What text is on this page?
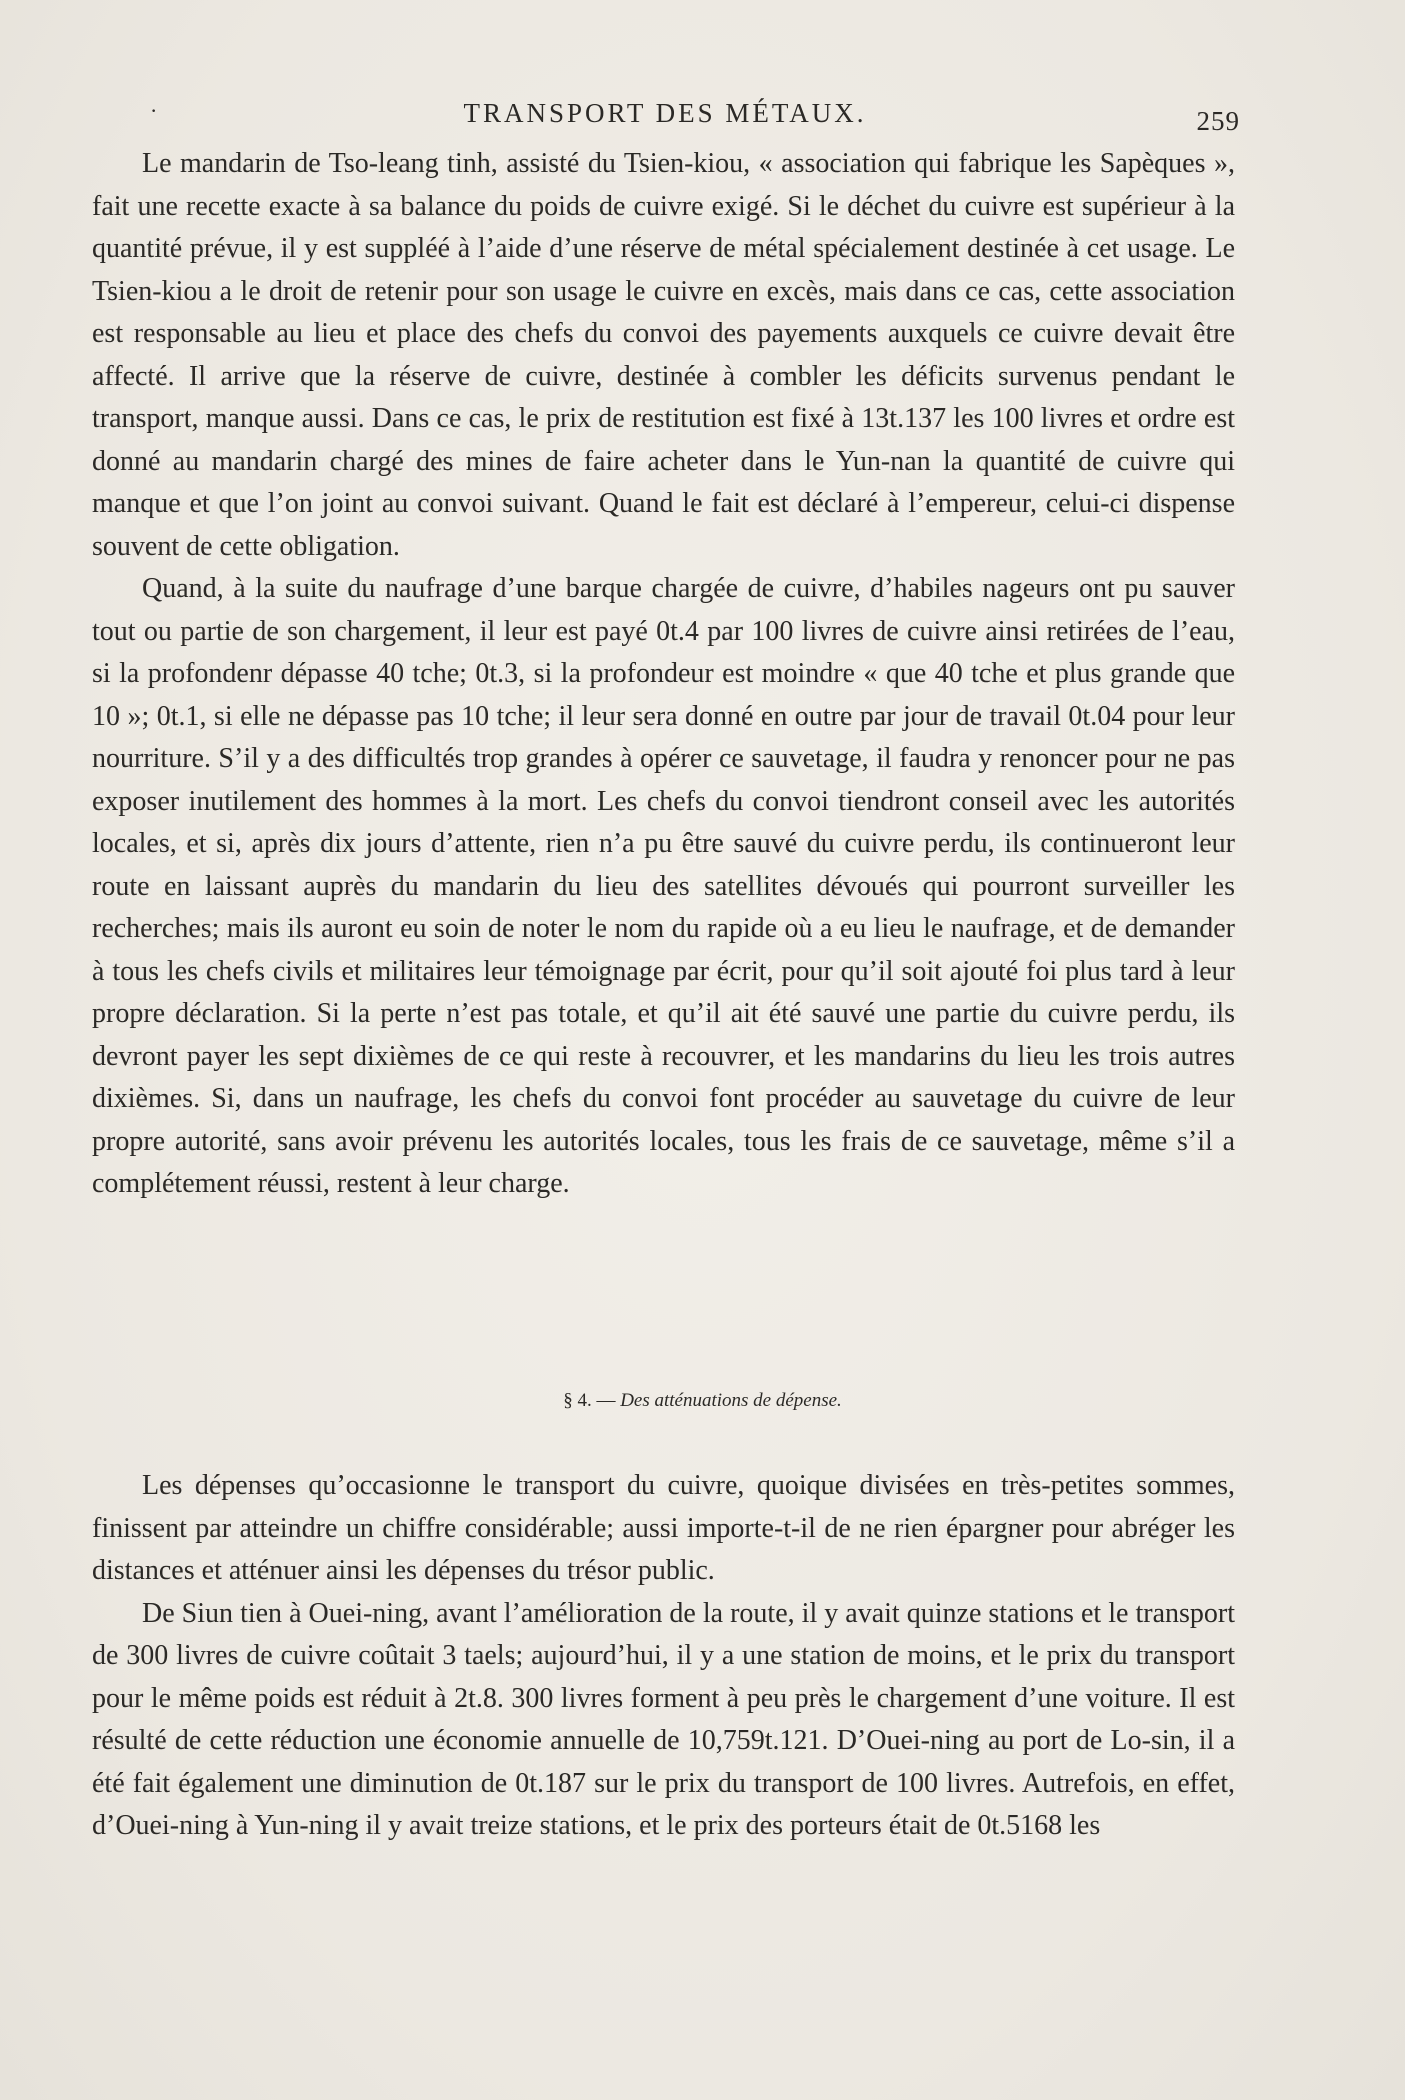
·	TRANSPORT DES MÉTAUX.	259

Le mandarin de Tso-leang tinh, assisté du Tsien-kiou, « association qui fabrique les Sapèques », fait une recette exacte à sa balance du poids de cuivre exigé. Si le déchet du cuivre est supérieur à la quantité prévue, il y est suppléé à l’aide d’une réserve de métal spécialement destinée à cet usage. Le Tsien-kiou a le droit de retenir pour son usage le cuivre en excès, mais dans ce cas, cette association est responsable au lieu et place des chefs du convoi des payements auxquels ce cuivre devait être affecté. Il arrive que la réserve de cuivre, destinée à combler les déficits survenus pendant le transport, manque aussi. Dans ce cas, le prix de restitution est fixé à 13t.137 les 100 livres et ordre est donné au mandarin chargé des mines de faire acheter dans le Yun-nan la quantité de cuivre qui manque et que l’on joint au convoi suivant. Quand le fait est déclaré à l’empereur, celui-ci dispense souvent de cette obligation.

Quand, à la suite du naufrage d’une barque chargée de cuivre, d’habiles nageurs ont pu sauver tout ou partie de son chargement, il leur est payé 0t.4 par 100 livres de cuivre ainsi retirées de l’eau, si la profondenr dépasse 40 tche; 0t.3, si la profondeur est moindre « que 40 tche et plus grande que 10 »; 0t.1, si elle ne dépasse pas 10 tche; il leur sera donné en outre par jour de travail 0t.04 pour leur nourriture. S’il y a des difficultés trop grandes à opérer ce sauvetage, il faudra y renoncer pour ne pas exposer inutilement des hommes à la mort. Les chefs du convoi tiendront conseil avec les autorités locales, et si, après dix jours d’attente, rien n’a pu être sauvé du cuivre perdu, ils continueront leur route en laissant auprès du mandarin du lieu des satellites dévoués qui pourront surveiller les recherches; mais ils auront eu soin de noter le nom du rapide où a eu lieu le naufrage, et de demander à tous les chefs civils et militaires leur témoignage par écrit, pour qu’il soit ajouté foi plus tard à leur propre déclaration. Si la perte n’est pas totale, et qu’il ait été sauvé une partie du cuivre perdu, ils devront payer les sept dixièmes de ce qui reste à recouvrer, et les mandarins du lieu les trois autres dixièmes. Si, dans un naufrage, les chefs du convoi font procéder au sauvetage du cuivre de leur propre autorité, sans avoir prévenu les autorités locales, tous les frais de ce sauvetage, même s’il a complétement réussi, restent à leur charge.

§ 4. — Des atténuations de dépense.

Les dépenses qu’occasionne le transport du cuivre, quoique divisées en très-petites sommes, finissent par atteindre un chiffre considérable; aussi importe-t-il de ne rien épargner pour abréger les distances et atténuer ainsi les dépenses du trésor public.

De Siun tien à Ouei-ning, avant l’amélioration de la route, il y avait quinze stations et le transport de 300 livres de cuivre coûtait 3 taels; aujourd’hui, il y a une station de moins, et le prix du transport pour le même poids est réduit à 2t.8. 300 livres forment à peu près le chargement d’une voiture. Il est résulté de cette réduction une économie annuelle de 10,759t.121. D’Ouei-ning au port de Lo-sin, il a été fait également une diminution de 0t.187 sur le prix du transport de 100 livres. Autrefois, en effet, d’Ouei-ning à Yun-ning il y avait treize stations, et le prix des porteurs était de 0t.5168 les
